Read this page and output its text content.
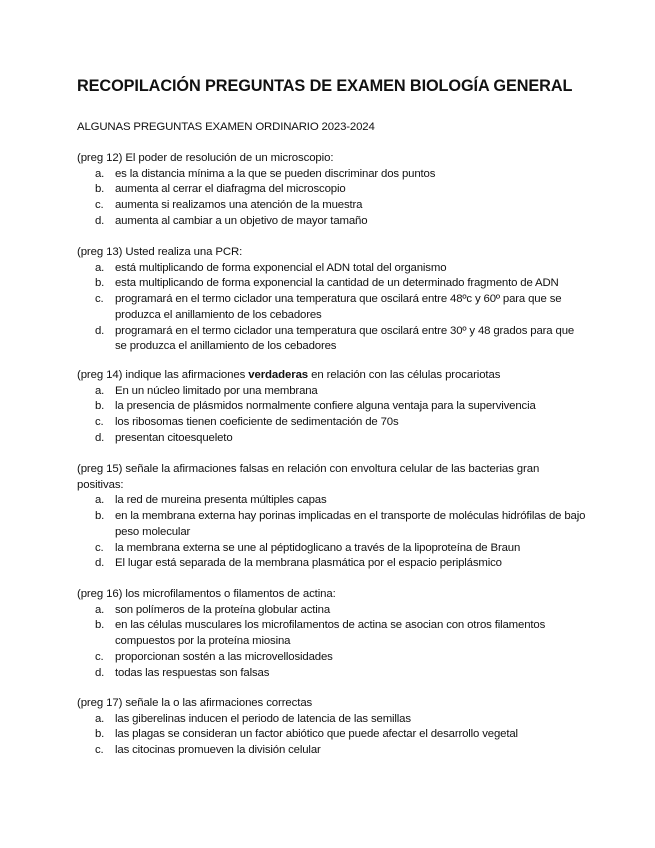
RECOPILACIÓN PREGUNTAS DE EXAMEN BIOLOGÍA GENERAL

ALGUNAS PREGUNTAS EXAMEN ORDINARIO 2023-2024

(preg 12) El poder de resolución de un microscopio:

a. es la distancia mínima a la que se pueden discriminar dos puntos
b. aumenta al cerrar el diafragma del microscopio
c.	aumenta si realizamos una atención de la muestra
d. aumenta al cambiar a un objetivo de mayor tamaño

(preg 13) Usted realiza una PCR:

a. está multiplicando de forma exponencial el ADN total del organismo
b. esta multiplicando de forma exponencial la cantidad de un determinado fragmento de ADN
c.	programará en el termo ciclador una temperatura que oscilará entre 48ºc y 60º para que se produzca el anillamiento de los cebadores
d. programará en el termo ciclador una temperatura que oscilará entre 30º y 48 grados para que se produzca el anillamiento de los cebadores

(preg 14) indique las afirmaciones verdaderas en relación con las células procariotas

a. En un núcleo limitado por una membrana
b. la presencia de plásmidos normalmente confiere alguna ventaja para la supervivencia
c.	los ribosomas tienen coeficiente de sedimentación de 70s
d. presentan citoesqueleto

(preg 15) señale la afirmaciones falsas en relación con envoltura celular de las bacterias gran positivas:

a. la red de mureina presenta múltiples capas
b. en la membrana externa hay porinas implicadas en el transporte de moléculas hidrófilas de bajo peso molecular
c.	la membrana externa se une al péptidoglicano a través de la lipoproteína de Braun
d. El lugar está separada de la membrana plasmática por el espacio periplásmico

(preg 16) los microfilamentos o filamentos de actina:

a. son polímeros de la proteína globular actina
b. en las células musculares los microfilamentos de actina se asocian con otros filamentos compuestos por la proteína miosina
c.	proporcionan sostén a las microvellosidades
d. todas las respuestas son falsas

(preg 17) señale la o las afirmaciones correctas

a. las giberelinas inducen el periodo de latencia de las semillas
b. las plagas se consideran un factor abiótico que puede afectar el desarrollo vegetal
c.	las citocinas promueven la división celular
